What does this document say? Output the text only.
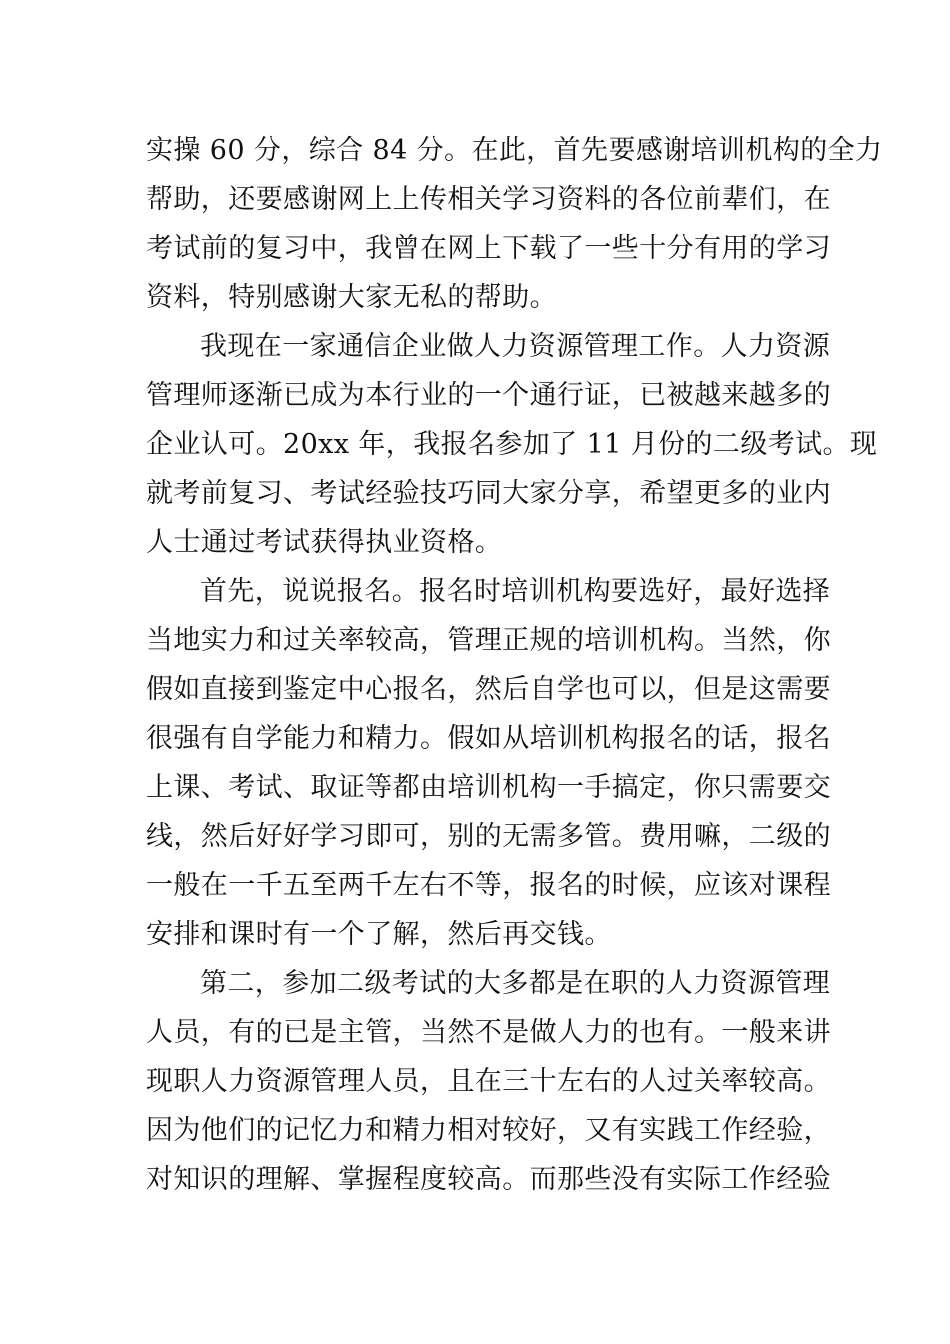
实操 60 分，综合 84 分。在此，首先要感谢培训机构的全力
帮助，还要感谢网上上传相关学习资料的各位前辈们，在
考试前的复习中，我曾在网上下载了一些十分有用的学习
资料，特别感谢大家无私的帮助。
我现在一家通信企业做人力资源管理工作。人力资源
管理师逐渐已成为本行业的一个通行证，已被越来越多的
企业认可。20xx 年，我报名参加了 11 月份的二级考试。现
就考前复习、考试经验技巧同大家分享，希望更多的业内
人士通过考试获得执业资格。
首先，说说报名。报名时培训机构要选好，最好选择
当地实力和过关率较高，管理正规的培训机构。当然，你
假如直接到鉴定中心报名，然后自学也可以，但是这需要
很强有自学能力和精力。假如从培训机构报名的话，报名
上课、考试、取证等都由培训机构一手搞定，你只需要交
线，然后好好学习即可，别的无需多管。费用嘛，二级的
一般在一千五至两千左右不等，报名的时候，应该对课程
安排和课时有一个了解，然后再交钱。
第二，参加二级考试的大多都是在职的人力资源管理
人员，有的已是主管，当然不是做人力的也有。一般来讲
现职人力资源管理人员，且在三十左右的人过关率较高。
因为他们的记忆力和精力相对较好，又有实践工作经验，
对知识的理解、掌握程度较高。而那些没有实际工作经验
